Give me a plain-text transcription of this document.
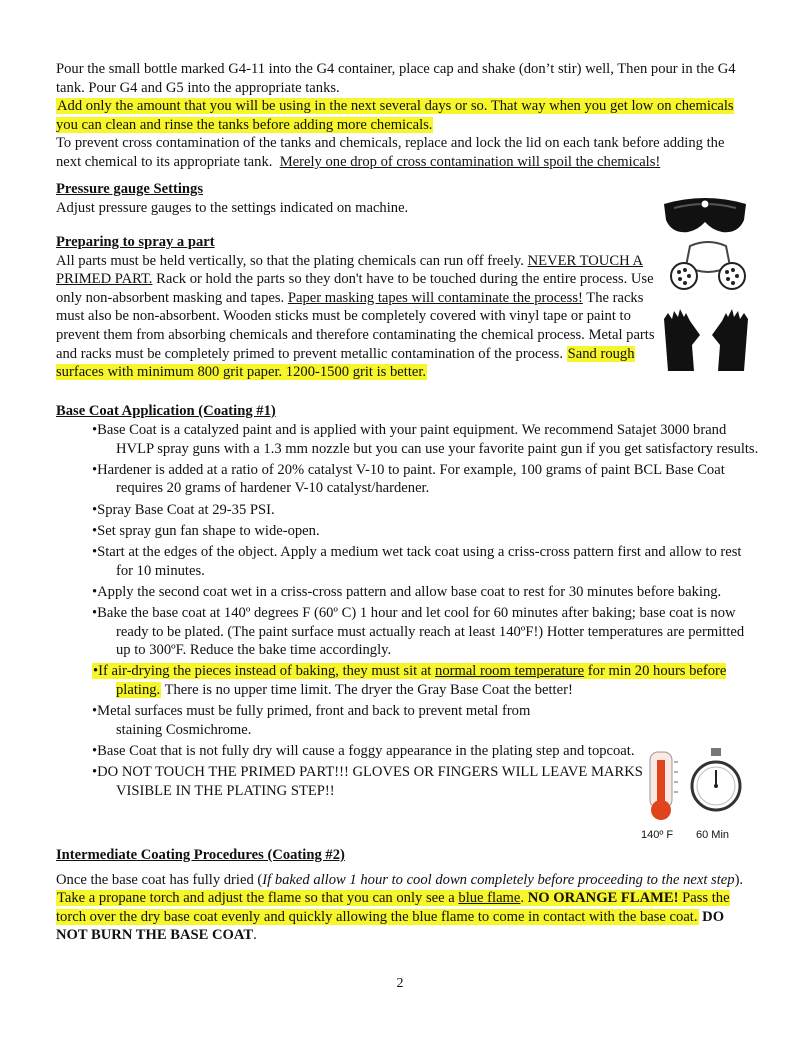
Pour the small bottle marked G4-11 into the G4 container, place cap and shake (don’t stir) well, Then pour in the G4 tank. Pour G4 and G5 into the appropriate tanks.

Add only the amount that you will be using in the next several days or so. That way when you get low on chemicals you can clean and rinse the tanks before adding more chemicals.

To prevent cross contamination of the tanks and chemicals, replace and lock the lid on each tank before adding the next chemical to its appropriate tank. Merely one drop of cross contamination will spoil the chemicals!

Pressure gauge Settings

Adjust pressure gauges to the settings indicated on machine.

Preparing to spray a part

All parts must be held vertically, so that the plating chemicals can run off freely. NEVER TOUCH A PRIMED PART. Rack or hold the parts so they don't have to be touched during the entire process. Use only non-absorbent masking and tapes. Paper masking tapes will contaminate the process! The racks must also be non-absorbent. Wooden sticks must be completely covered with vinyl tape or paint to prevent them from absorbing chemicals and therefore contaminating the chemical process. Metal parts and racks must be completely primed to prevent metallic contamination of the process. Sand rough surfaces with minimum 800 grit paper. 1200-1500 grit is better.

140º F 60 Min

Base Coat Application (Coating #1)

•Base Coat is a catalyzed paint and is applied with your paint equipment. We recommend Satajet 3000 brand HVLP spray guns with a 1.3 mm nozzle but you can use your favorite paint gun if you get satisfactory results.

•Hardener is added at a ratio of 20% catalyst V-10 to paint. For example, 100 grams of paint BCL Base Coat requires 20 grams of hardener V-10 catalyst/hardener.

•Spray Base Coat at 29-35 PSI.

•Set spray gun fan shape to wide-open.

•Start at the edges of the object. Apply a medium wet tack coat using a criss-cross pattern first and allow to rest for 10 minutes.

•Apply the second coat wet in a criss-cross pattern and allow base coat to rest for 30 minutes before baking.

•Bake the base coat at 140º degrees F (60º C) 1 hour and let cool for 60 minutes after baking; base coat is now ready to be plated. (The paint surface must actually reach at least 140ºF!) Hotter temperatures are permitted up to 300ºF. Reduce the bake time accordingly.

•If air-drying the pieces instead of baking, they must sit at normal room temperature for min 20 hours before plating. There is no upper time limit. The dryer the Gray Base Coat the better!

•Metal surfaces must be fully primed, front and back to prevent metal from staining Cosmichrome.

•Base Coat that is not fully dry will cause a foggy appearance in the plating step and topcoat.

•DO NOT TOUCH THE PRIMED PART!!! GLOVES OR FINGERS WILL LEAVE MARKS VISIBLE IN THE PLATING STEP!!

Intermediate Coating Procedures (Coating #2)

Once the base coat has fully dried (If baked allow 1 hour to cool down completely before proceeding to the next step). Take a propane torch and adjust the flame so that you can only see a blue flame. NO ORANGE FLAME! Pass the torch over the dry base coat evenly and quickly allowing the blue flame to come in contact with the base coat. DO NOT BURN THE BASE COAT.

2
